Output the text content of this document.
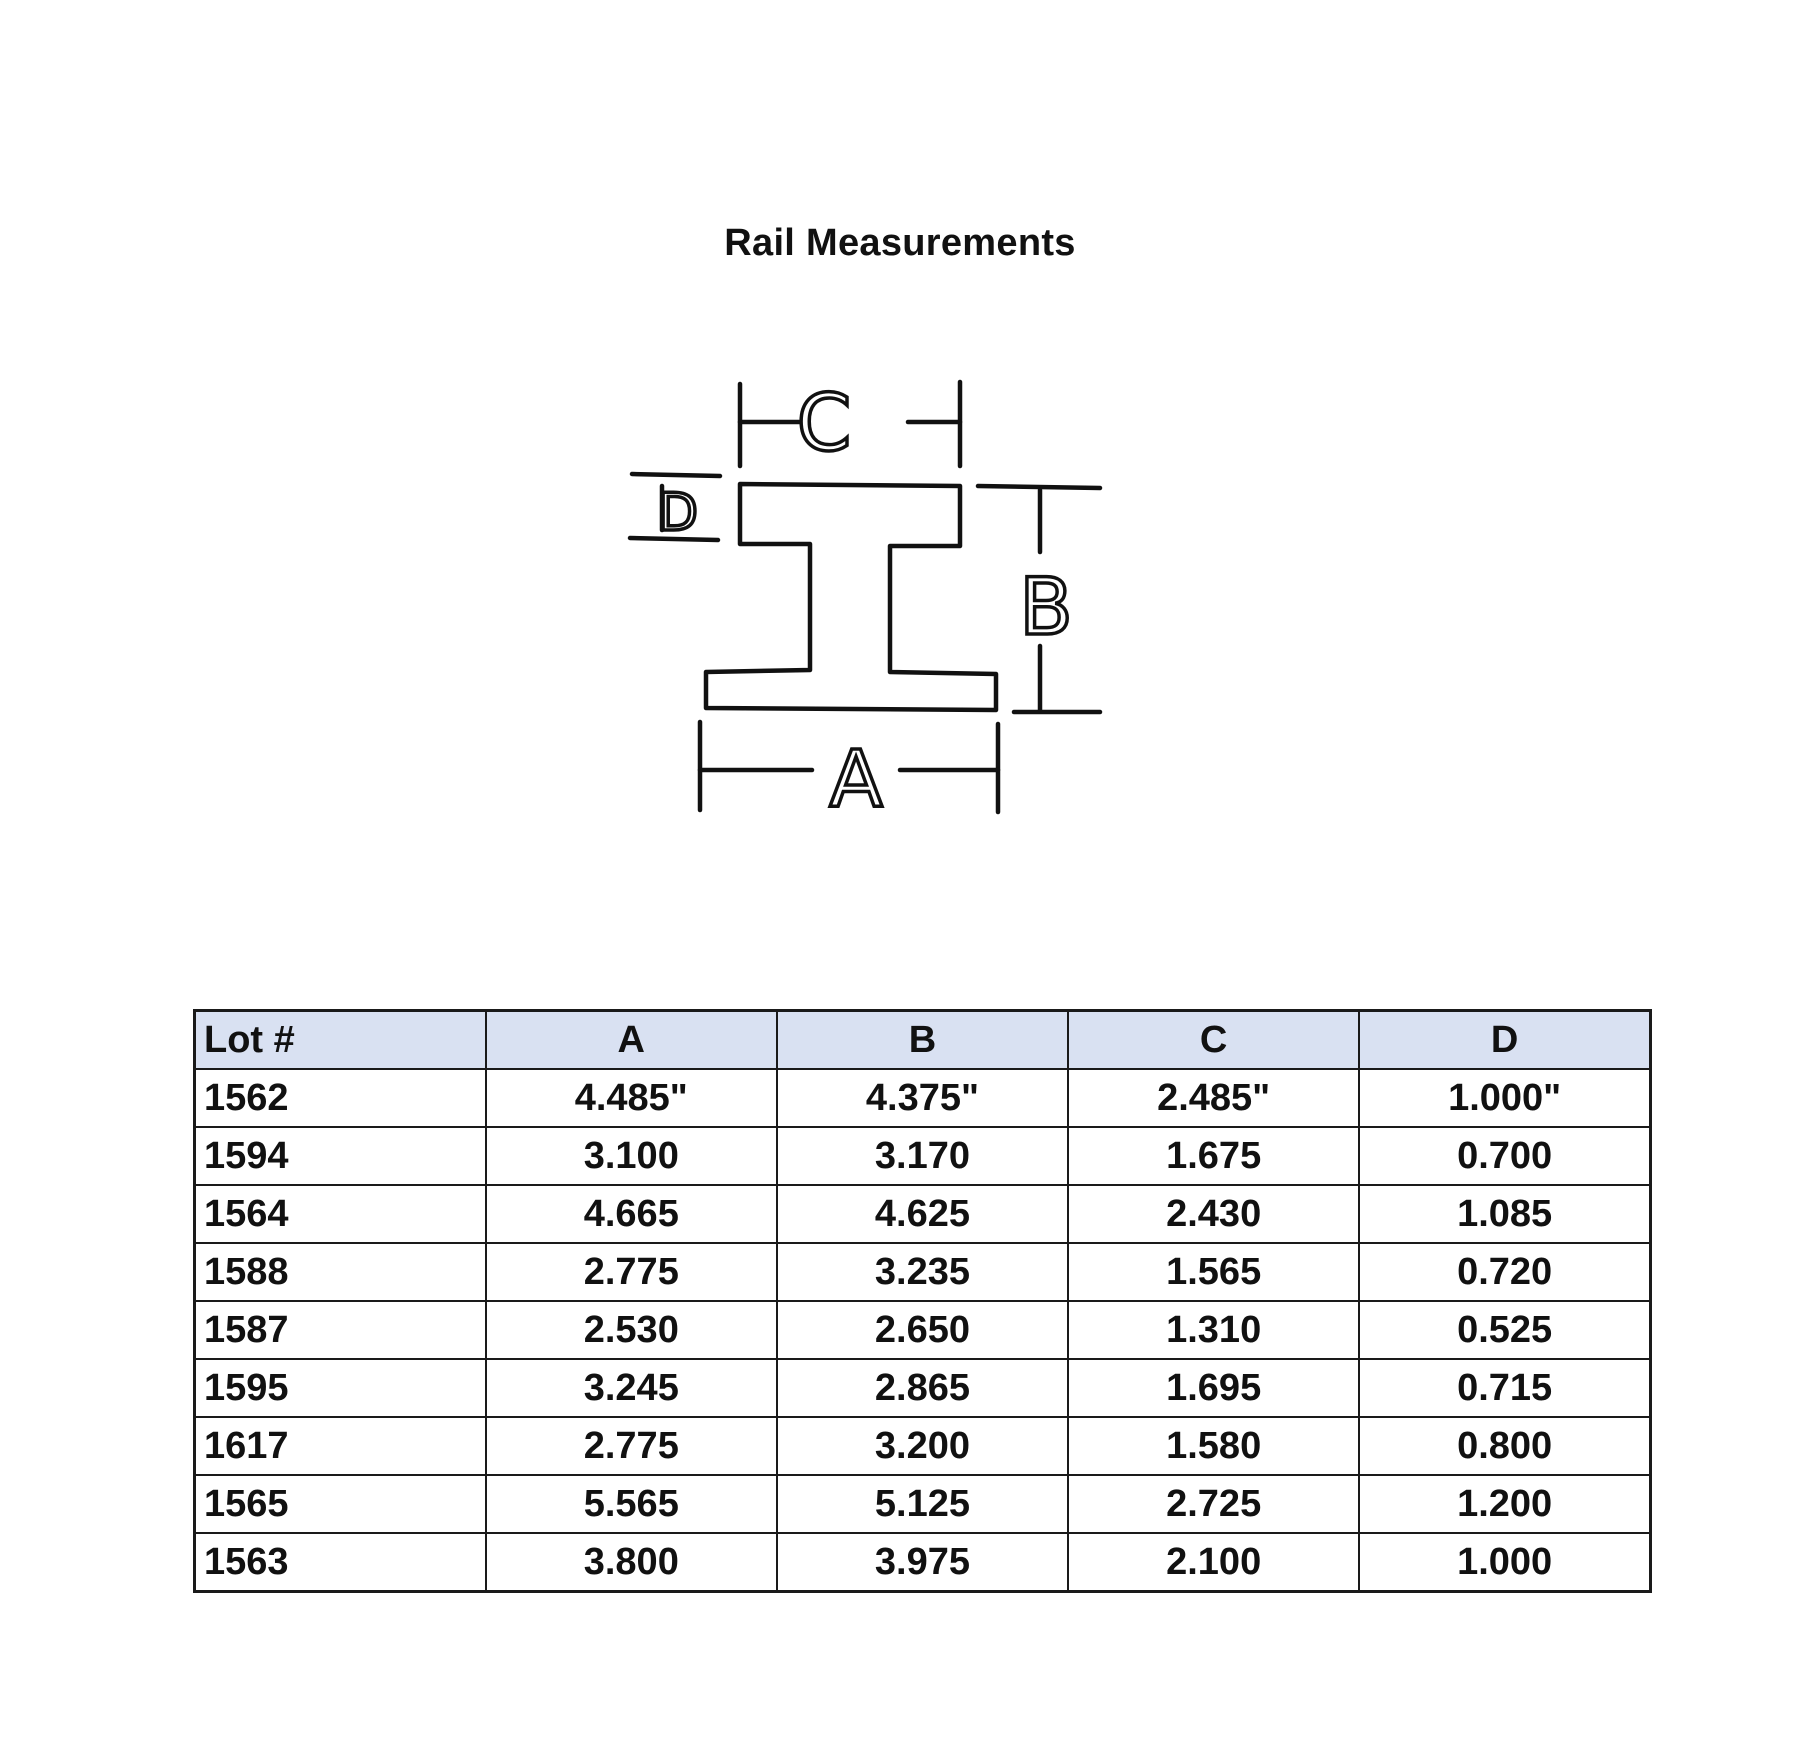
Rail Measurements
C
D
B
A
Lot #	A	B	C	D
1562	4.485"	4.375"	2.485"	1.000"
1594	3.100	3.170	1.675	0.700
1564	4.665	4.625	2.430	1.085
1588	2.775	3.235	1.565	0.720
1587	2.530	2.650	1.310	0.525
1595	3.245	2.865	1.695	0.715
1617	2.775	3.200	1.580	0.800
1565	5.565	5.125	2.725	1.200
1563	3.800	3.975	2.100	1.000
